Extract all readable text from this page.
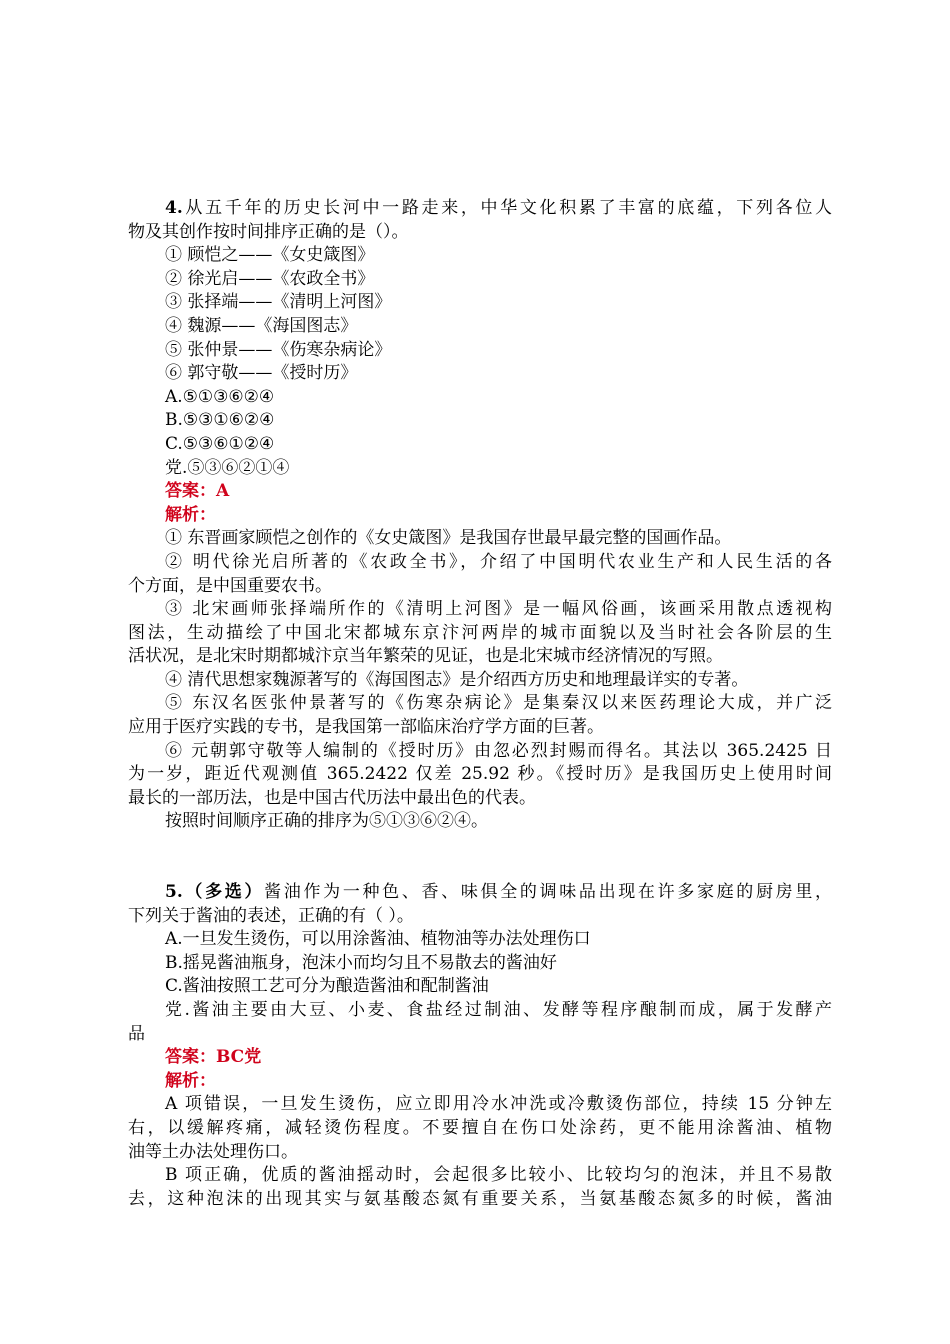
4.从五千年的历史长河中一路走来，中华文化积累了丰富的底蕴，下列各位人
物及其创作按时间排序正确的是（）。
① 顾恺之——《女史箴图》
② 徐光启——《农政全书》
③ 张择端——《清明上河图》
④ 魏源——《海国图志》
⑤ 张仲景——《伤寒杂病论》
⑥ 郭守敬——《授时历》
A.⑤①③⑥②④
B.⑤③①⑥②④
C.⑤③⑥①②④
党.⑤③⑥②①④
答案：A
解析：
① 东晋画家顾恺之创作的《女史箴图》是我国存世最早最完整的国画作品。
② 明代徐光启所著的《农政全书》，介绍了中国明代农业生产和人民生活的各
个方面，是中国重要农书。
③ 北宋画师张择端所作的《清明上河图》是一幅风俗画，该画采用散点透视构
图法，生动描绘了中国北宋都城东京汴河两岸的城市面貌以及当时社会各阶层的生
活状况，是北宋时期都城汴京当年繁荣的见证，也是北宋城市经济情况的写照。
④ 清代思想家魏源著写的《海国图志》是介绍西方历史和地理最详实的专著。
⑤ 东汉名医张仲景著写的《伤寒杂病论》是集秦汉以来医药理论大成，并广泛
应用于医疗实践的专书，是我国第一部临床治疗学方面的巨著。
⑥ 元朝郭守敬等人编制的《授时历》由忽必烈封赐而得名。其法以 365.2425 日
为一岁，距近代观测值 365.2422 仅差 25.92 秒。《授时历》是我国历史上使用时间
最长的一部历法，也是中国古代历法中最出色的代表。
按照时间顺序正确的排序为⑤①③⑥②④。
5.（多选）酱油作为一种色、香、味俱全的调味品出现在许多家庭的厨房里，
下列关于酱油的表述，正确的有（ ）。
A.一旦发生烫伤，可以用涂酱油、植物油等办法处理伤口
B.摇晃酱油瓶身，泡沫小而均匀且不易散去的酱油好
C.酱油按照工艺可分为酿造酱油和配制酱油
党.酱油主要由大豆、小麦、食盐经过制油、发酵等程序酿制而成，属于发酵产
品
答案：BC党
解析：
A 项错误，一旦发生烫伤，应立即用冷水冲洗或冷敷烫伤部位，持续 15 分钟左
右，以缓解疼痛，减轻烫伤程度。不要擅自在伤口处涂药，更不能用涂酱油、植物
油等土办法处理伤口。
B 项正确，优质的酱油摇动时，会起很多比较小、比较均匀的泡沫，并且不易散
去，这种泡沫的出现其实与氨基酸态氮有重要关系，当氨基酸态氮多的时候，酱油
